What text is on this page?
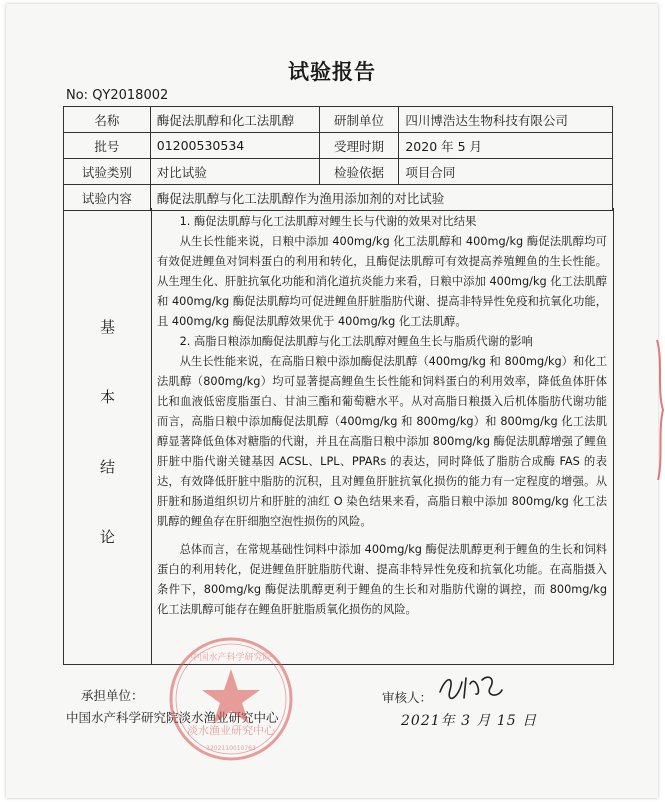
试验报告
No: QY2018002
名称	酶促法肌醇和化工法肌醇	研制单位	四川博浩达生物科技有限公司
批号	01200530534	受理时期	2020 年 5 月
试验类别	对比试验	检验依据	项目合同
试验内容	酶促法肌醇与化工法肌醇作为渔用添加剂的对比试验		
基
本
结
论

1. 酶促法肌醇与化工法肌醇对鲤生长与代谢的效果对比结果

从生长性能来说，日粮中添加 400mg/kg 化工法肌醇和 400mg/kg 酶促法肌醇均可有效促进鲤鱼对饲料蛋白的利用和转化，且酶促法肌醇可有效提高养殖鲤鱼的生长性能。从生理生化、肝脏抗氧化功能和消化道抗炎能力来看，日粮中添加 400mg/kg 化工法肌醇和 400mg/kg 酶促法肌醇均可促进鲤鱼肝脏脂肪代谢、提高非特异性免疫和抗氧化功能，且 400mg/kg 酶促法肌醇效果优于 400mg/kg 化工法肌醇。

2. 高脂日粮添加酶促法肌醇与化工法肌醇对鲤鱼生长与脂质代谢的影响

从生长性能来说，在高脂日粮中添加酶促法肌醇（400mg/kg 和 800mg/kg）和化工法肌醇（800mg/kg）均可显著提高鲤鱼生长性能和饲料蛋白的利用效率，降低鱼体肝体比和血液低密度脂蛋白、甘油三酯和葡萄糖水平。从对高脂日粮摄入后机体脂肪代谢功能而言，高脂日粮中添加酶促法肌醇（400mg/kg 和 800mg/kg）和 800mg/kg 化工法肌醇显著降低鱼体对糖脂的代谢，并且在高脂日粮中添加 800mg/kg 酶促法肌醇增强了鲤鱼肝脏中脂代谢关键基因 ACSL、LPL、PPARs 的表达，同时降低了脂肪合成酶 FAS 的表达，有效降低肝脏中脂肪的沉积，且对鲤鱼肝脏抗氧化损伤的能力有一定程度的增强。从肝脏和肠道组织切片和肝脏的油红 O 染色结果来看，高脂日粮中添加 800mg/kg 化工法肌醇的鲤鱼存在肝细胞空泡性损伤的风险。

总体而言，在常规基础性饲料中添加 400mg/kg 酶促法肌醇更利于鲤鱼的生长和饲料蛋白的利用转化，促进鲤鱼肝脏脂肪代谢、提高非特异性免疫和抗氧化功能。在高脂摄入条件下，800mg/kg 酶促法肌醇更利于鲤鱼的生长和对脂肪代谢的调控，而 800mg/kg 化工法肌醇可能存在鲤鱼肝脏脂质氧化损伤的风险。

承担单位：
中国水产科学研究院淡水渔业研究中心
审核人：
2021年 3 月 15 日
淡水渔业研究中心
3202110010763
中国水产科学研究院
